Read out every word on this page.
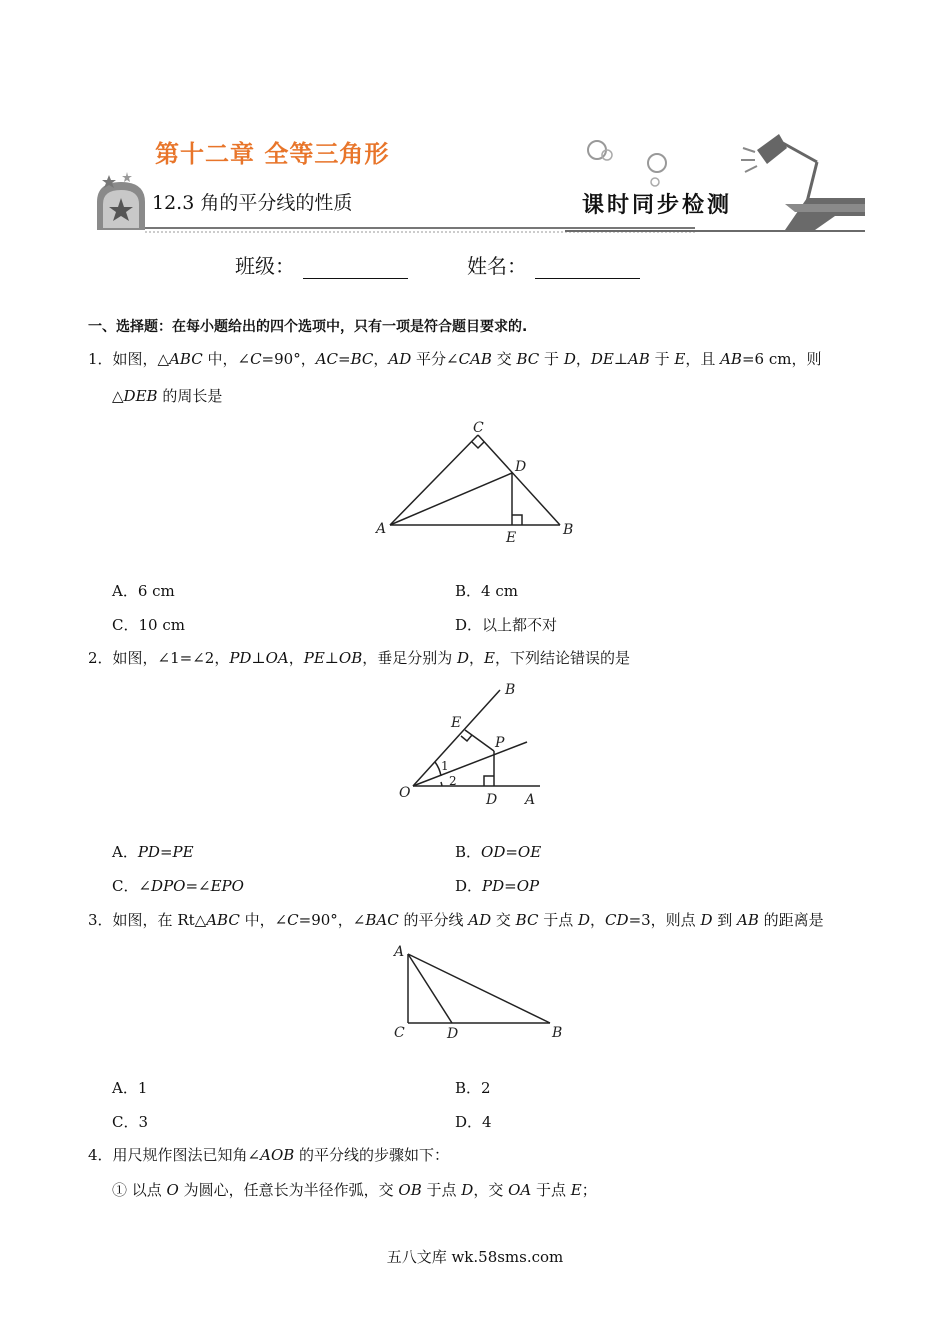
第十二章 全等三角形
12.3 角的平分线的性质	课时同步检测
班级：	姓名：
一、选择题：在每小题给出的四个选项中，只有一项是符合题目要求的.
1．如图，△ABC 中，∠C=90°，AC=BC，AD 平分∠CAB 交 BC 于 D，DE⊥AB 于 E，且 AB=6 cm，则
△DEB 的周长是
C
D
A
E	B
A．6 cm	B．4 cm
C．10 cm	D．以上都不对
2．如图，∠1=∠2，PD⊥OA，PE⊥OB，垂足分别为 D，E，下列结论错误的是
B
E
P
O	D A
1
2
A．PD=PE	B．OD=OE
C．∠DPO=∠EPO	D．PD=OP
3．如图，在 Rt△ABC 中，∠C=90°，∠BAC 的平分线 AD 交 BC 于点 D，CD=3，则点 D 到 AB 的距离是
A
C	D	B
A．1	B．2
C．3	D．4
4．用尺规作图法已知角∠AOB 的平分线的步骤如下：
① 以点 O 为圆心，任意长为半径作弧，交 OB 于点 D，交 OA 于点 E；
五八文库 wk.58sms.com
